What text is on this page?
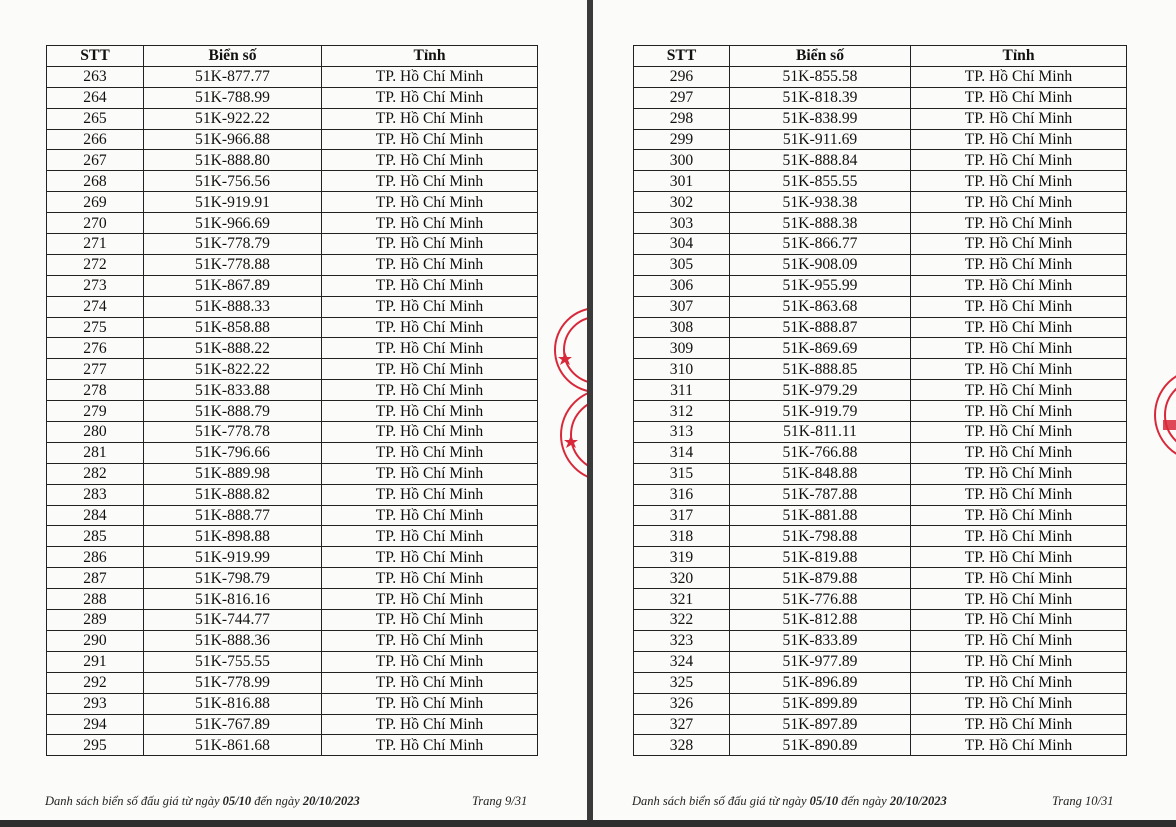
STT	Biển số	Tỉnh
263	51K-877.77	TP. Hồ Chí Minh
264	51K-788.99	TP. Hồ Chí Minh
265	51K-922.22	TP. Hồ Chí Minh
266	51K-966.88	TP. Hồ Chí Minh
267	51K-888.80	TP. Hồ Chí Minh
268	51K-756.56	TP. Hồ Chí Minh
269	51K-919.91	TP. Hồ Chí Minh
270	51K-966.69	TP. Hồ Chí Minh
271	51K-778.79	TP. Hồ Chí Minh
272	51K-778.88	TP. Hồ Chí Minh
273	51K-867.89	TP. Hồ Chí Minh
274	51K-888.33	TP. Hồ Chí Minh
275	51K-858.88	TP. Hồ Chí Minh
276	51K-888.22	TP. Hồ Chí Minh
277	51K-822.22	TP. Hồ Chí Minh
278	51K-833.88	TP. Hồ Chí Minh
279	51K-888.79	TP. Hồ Chí Minh
280	51K-778.78	TP. Hồ Chí Minh
281	51K-796.66	TP. Hồ Chí Minh
282	51K-889.98	TP. Hồ Chí Minh
283	51K-888.82	TP. Hồ Chí Minh
284	51K-888.77	TP. Hồ Chí Minh
285	51K-898.88	TP. Hồ Chí Minh
286	51K-919.99	TP. Hồ Chí Minh
287	51K-798.79	TP. Hồ Chí Minh
288	51K-816.16	TP. Hồ Chí Minh
289	51K-744.77	TP. Hồ Chí Minh
290	51K-888.36	TP. Hồ Chí Minh
291	51K-755.55	TP. Hồ Chí Minh
292	51K-778.99	TP. Hồ Chí Minh
293	51K-816.88	TP. Hồ Chí Minh
294	51K-767.89	TP. Hồ Chí Minh
295	51K-861.68	TP. Hồ Chí Minh
Danh sách biển số đấu giá từ ngày 05/10 đến ngày 20/10/2023	Trang 9/31
STT	Biển số	Tỉnh
296	51K-855.58	TP. Hồ Chí Minh
297	51K-818.39	TP. Hồ Chí Minh
298	51K-838.99	TP. Hồ Chí Minh
299	51K-911.69	TP. Hồ Chí Minh
300	51K-888.84	TP. Hồ Chí Minh
301	51K-855.55	TP. Hồ Chí Minh
302	51K-938.38	TP. Hồ Chí Minh
303	51K-888.38	TP. Hồ Chí Minh
304	51K-866.77	TP. Hồ Chí Minh
305	51K-908.09	TP. Hồ Chí Minh
306	51K-955.99	TP. Hồ Chí Minh
307	51K-863.68	TP. Hồ Chí Minh
308	51K-888.87	TP. Hồ Chí Minh
309	51K-869.69	TP. Hồ Chí Minh
310	51K-888.85	TP. Hồ Chí Minh
311	51K-979.29	TP. Hồ Chí Minh
312	51K-919.79	TP. Hồ Chí Minh
313	51K-811.11	TP. Hồ Chí Minh
314	51K-766.88	TP. Hồ Chí Minh
315	51K-848.88	TP. Hồ Chí Minh
316	51K-787.88	TP. Hồ Chí Minh
317	51K-881.88	TP. Hồ Chí Minh
318	51K-798.88	TP. Hồ Chí Minh
319	51K-819.88	TP. Hồ Chí Minh
320	51K-879.88	TP. Hồ Chí Minh
321	51K-776.88	TP. Hồ Chí Minh
322	51K-812.88	TP. Hồ Chí Minh
323	51K-833.89	TP. Hồ Chí Minh
324	51K-977.89	TP. Hồ Chí Minh
325	51K-896.89	TP. Hồ Chí Minh
326	51K-899.89	TP. Hồ Chí Minh
327	51K-897.89	TP. Hồ Chí Minh
328	51K-890.89	TP. Hồ Chí Minh
Danh sách biển số đấu giá từ ngày 05/10 đến ngày 20/10/2023	Trang 10/31
